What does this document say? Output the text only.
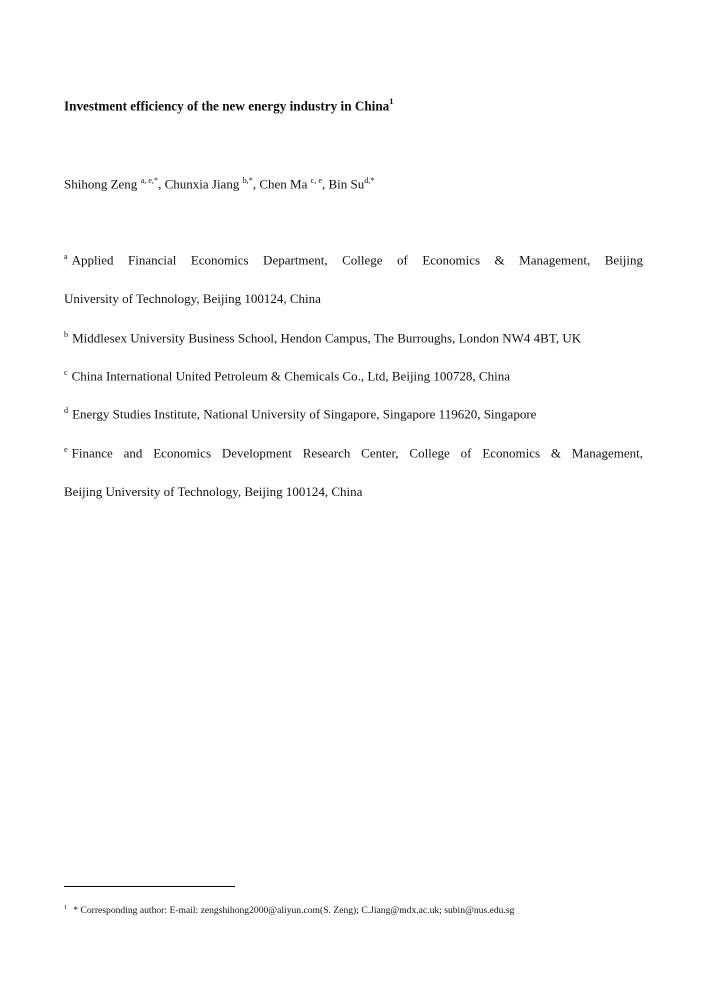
Investment efficiency of the new energy industry in China$^1$
Shihong Zeng $^{a, e,*}$, Chunxia Jiang $^{b,*}$, Chen Ma $^{c, e}$, Bin $Su^{d,*}$
$^a$ Applied Financial Economics Department, College of Economics & Management, Beijing
University of Technology, Beijing 100124, China
$^b$ Middlesex University Business School, Hendon Campus, The Burroughs, London NW4 4BT, UK
$^c$ China International United Petroleum & Chemicals Co., Ltd, Beijing 100728, China
$^d$ Energy Studies Institute, National University of Singapore, Singapore 119620, Singapore
$^e$ Finance and Economics Development Research Center, College of Economics & Management,
Beijing University of Technology, Beijing 100124, China
$^1$ * Corresponding author: E-mail: zengshihong2000@aliyun.com(S. Zeng); C.Jiang@mdx.ac.uk; subin@nus.edu.sg
